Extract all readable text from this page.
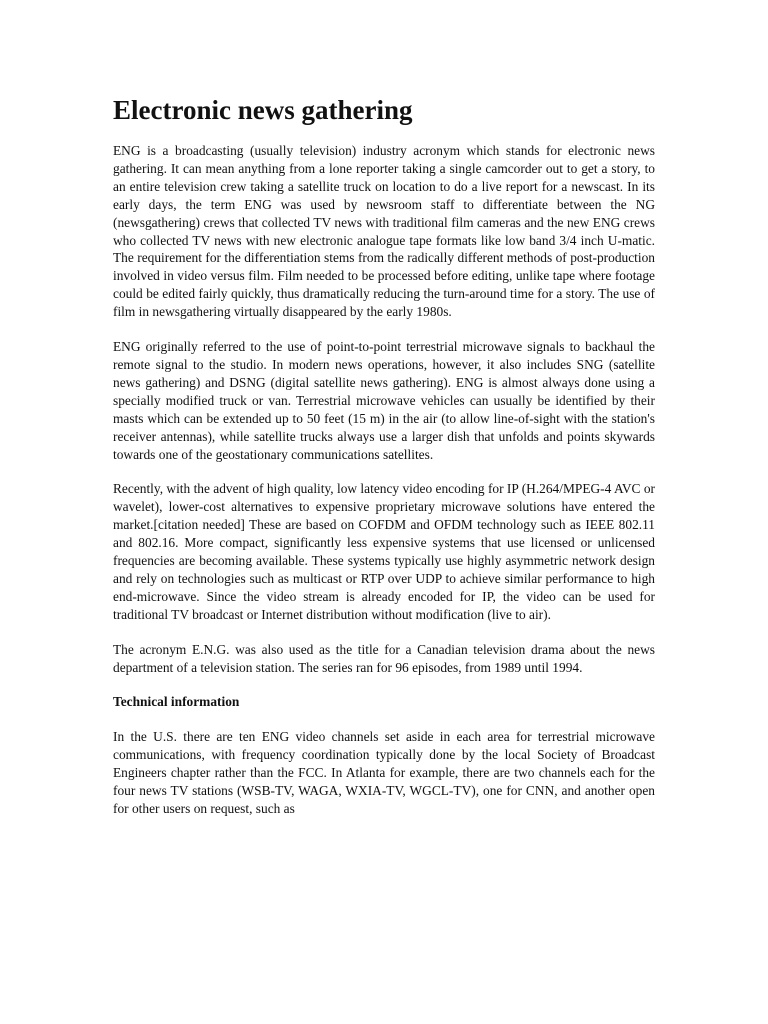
Electronic news gathering

ENG is a broadcasting (usually television) industry acronym which stands for electronic news gathering. It can mean anything from a lone reporter taking a single camcorder out to get a story, to an entire television crew taking a satellite truck on location to do a live report for a newscast. In its early days, the term ENG was used by newsroom staff to differentiate between the NG (newsgathering) crews that collected TV news with traditional film cameras and the new ENG crews who collected TV news with new electronic analogue tape formats like low band 3/4 inch U-matic. The requirement for the differentiation stems from the radically different methods of post-production involved in video versus film. Film needed to be processed before editing, unlike tape where footage could be edited fairly quickly, thus dramatically reducing the turn-around time for a story. The use of film in newsgathering virtually disappeared by the early 1980s.

ENG originally referred to the use of point-to-point terrestrial microwave signals to backhaul the remote signal to the studio. In modern news operations, however, it also includes SNG (satellite news gathering) and DSNG (digital satellite news gathering). ENG is almost always done using a specially modified truck or van. Terrestrial microwave vehicles can usually be identified by their masts which can be extended up to 50 feet (15 m) in the air (to allow line-of-sight with the station's receiver antennas), while satellite trucks always use a larger dish that unfolds and points skywards towards one of the geostationary communications satellites.

Recently, with the advent of high quality, low latency video encoding for IP (H.264/MPEG-4 AVC or wavelet), lower-cost alternatives to expensive proprietary microwave solutions have entered the market.[citation needed] These are based on COFDM and OFDM technology such as IEEE 802.11 and 802.16. More compact, significantly less expensive systems that use licensed or unlicensed frequencies are becoming available. These systems typically use highly asymmetric network design and rely on technologies such as multicast or RTP over UDP to achieve similar performance to high end-microwave. Since the video stream is already encoded for IP, the video can be used for traditional TV broadcast or Internet distribution without modification (live to air).

The acronym E.N.G. was also used as the title for a Canadian television drama about the news department of a television station. The series ran for 96 episodes, from 1989 until 1994.

Technical information

In the U.S. there are ten ENG video channels set aside in each area for terrestrial microwave communications, with frequency coordination typically done by the local Society of Broadcast Engineers chapter rather than the FCC. In Atlanta for example, there are two channels each for the four news TV stations (WSB-TV, WAGA, WXIA-TV, WGCL-TV), one for CNN, and another open for other users on request, such as
